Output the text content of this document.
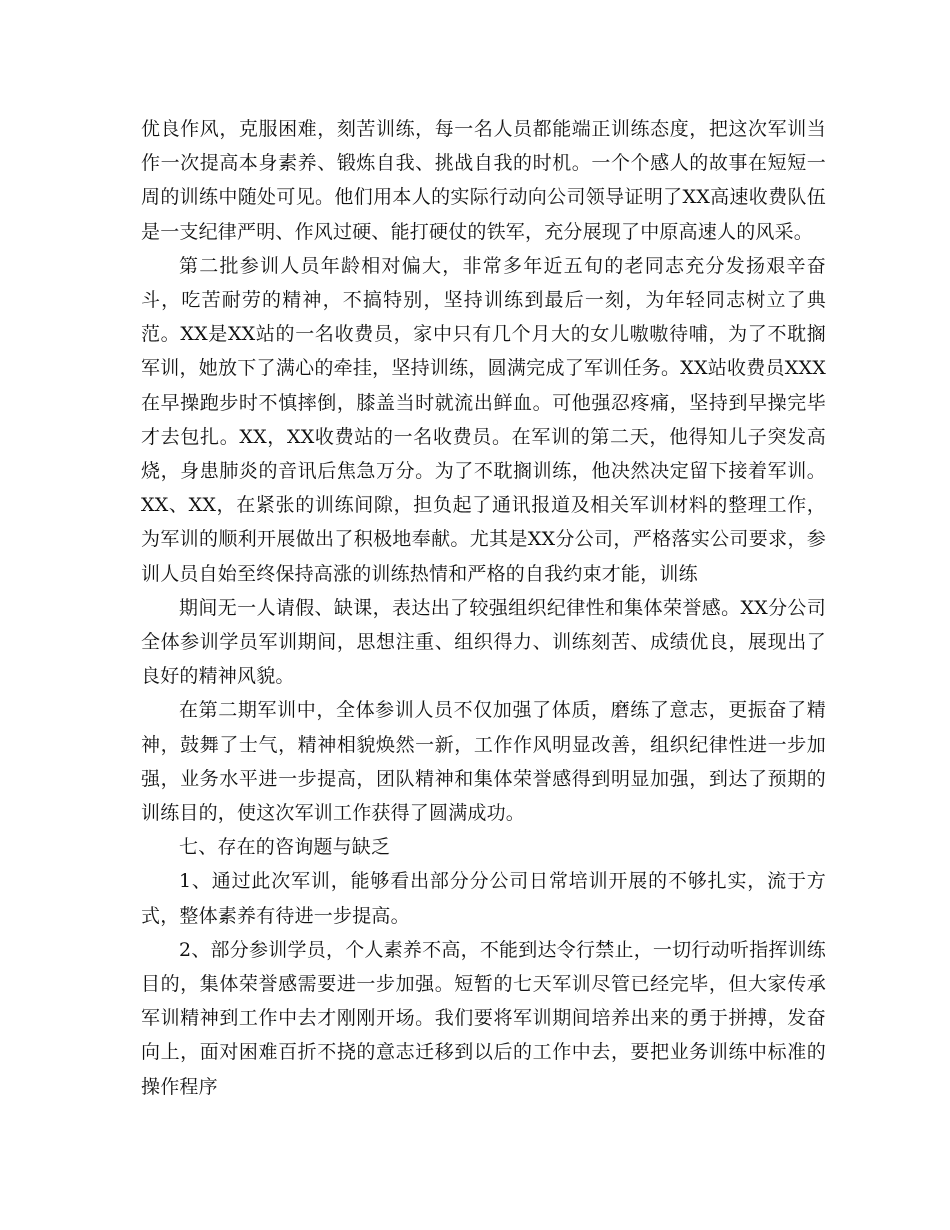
优良作风，克服困难，刻苦训练，每一名人员都能端正训练态度，把这次军训当作一次提高本身素养、锻炼自我、挑战自我的时机。一个个感人的故事在短短一周的训练中随处可见。他们用本人的实际行动向公司领导证明了XX高速收费队伍是一支纪律严明、作风过硬、能打硬仗的铁军，充分展现了中原高速人的风采。

第二批参训人员年龄相对偏大，非常多年近五旬的老同志充分发扬艰辛奋斗，吃苦耐劳的精神，不搞特别，坚持训练到最后一刻，为年轻同志树立了典范。XX是XX站的一名收费员，家中只有几个月大的女儿嗷嗷待哺，为了不耽搁军训，她放下了满心的牵挂，坚持训练，圆满完成了军训任务。XX站收费员XXX在早操跑步时不慎摔倒，膝盖当时就流出鲜血。可他强忍疼痛，坚持到早操完毕才去包扎。XX，XX收费站的一名收费员。在军训的第二天，他得知儿子突发高烧，身患肺炎的音讯后焦急万分。为了不耽搁训练，他决然决定留下接着军训。XX、XX，在紧张的训练间隙，担负起了通讯报道及相关军训材料的整理工作，为军训的顺利开展做出了积极地奉献。尤其是XX分公司，严格落实公司要求，参训人员自始至终保持高涨的训练热情和严格的自我约束才能，训练

期间无一人请假、缺课，表达出了较强组织纪律性和集体荣誉感。XX分公司全体参训学员军训期间，思想注重、组织得力、训练刻苦、成绩优良，展现出了良好的精神风貌。

在第二期军训中，全体参训人员不仅加强了体质，磨练了意志，更振奋了精神，鼓舞了士气，精神相貌焕然一新，工作作风明显改善，组织纪律性进一步加强，业务水平进一步提高，团队精神和集体荣誉感得到明显加强，到达了预期的训练目的，使这次军训工作获得了圆满成功。

七、存在的咨询题与缺乏

1、通过此次军训，能够看出部分分公司日常培训开展的不够扎实，流于方式，整体素养有待进一步提高。

2、部分参训学员，个人素养不高，不能到达令行禁止，一切行动听指挥训练目的，集体荣誉感需要进一步加强。短暂的七天军训尽管已经完毕，但大家传承军训精神到工作中去才刚刚开场。我们要将军训期间培养出来的勇于拼搏，发奋向上，面对困难百折不挠的意志迁移到以后的工作中去，要把业务训练中标准的操作程序
